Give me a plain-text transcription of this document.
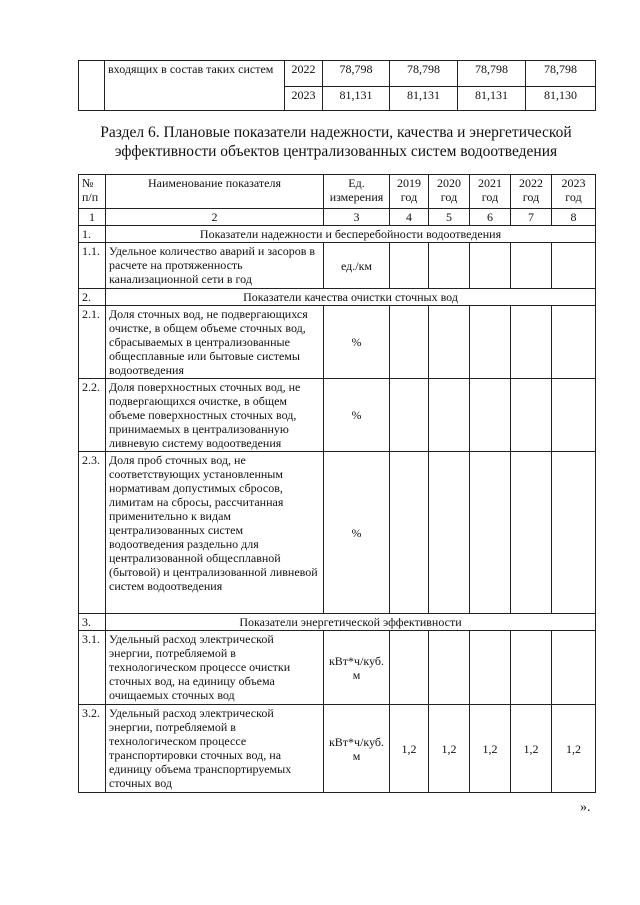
	входящих в состав таких систем	2022	78,798	78,798	78,798	78,798
		2023	81,131	81,131	81,131	81,130
Раздел 6. Плановые показатели надежности, качества и энергетической эффективности объектов централизованных систем водоотведения
№ п/п	Наименование показателя	Ед. измерения	2019 год	2020 год	2021 год	2022 год	2023 год
1	2	3	4	5	6	7	8
1.	Показатели надежности и бесперебойности водоотведения						
1.1.	Удельное количество аварий и засоров в расчете на протяженность канализационной сети в год	ед./км					
2.	Показатели качества очистки сточных вод						
2.1.	Доля сточных вод, не подвергающихся очистке, в общем объеме сточных вод, сбрасываемых в централизованные общесплавные или бытовые системы водоотведения	%					
2.2.	Доля поверхностных сточных вод, не подвергающихся очистке, в общем объеме поверхностных сточных вод, принимаемых в централизованную ливневую систему водоотведения	%					
2.3.	Доля проб сточных вод, не соответствующих установленным нормативам допустимых сбросов, лимитам на сбросы, рассчитанная применительно к видам централизованных систем водоотведения раздельно для централизованной общесплавной (бытовой) и централизованной ливневой систем водоотведения	%					
3.	Показатели энергетической эффективности						
3.1.	Удельный расход электрической энергии, потребляемой в технологическом процессе очистки сточных вод, на единицу объема очищаемых сточных вод	кВт*ч/куб. м					
3.2.	Удельный расход электрической энергии, потребляемой в технологическом процессе транспортировки сточных вод, на единицу объема транспортируемых сточных вод	кВт*ч/куб. м	1,2	1,2	1,2	1,2	1,2
».
